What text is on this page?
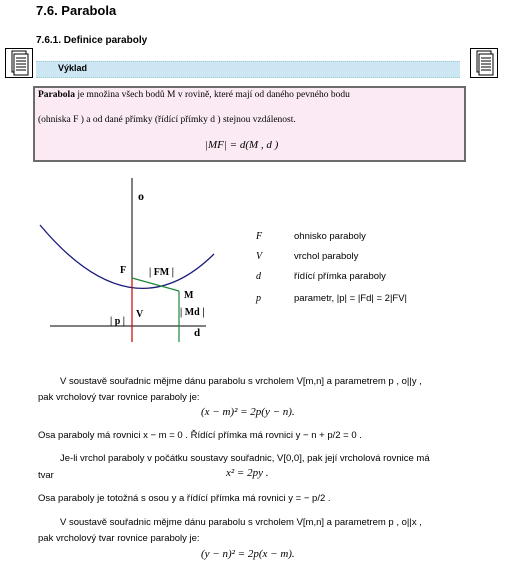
7.6. Parabola
7.6.1. Definice paraboly
Výklad
Parabola je množina všech bodů M v rovině, které mají od daného pevného bodu
(ohniska F ) a od dané přímky (řídící přímky d ) stejnou vzdálenost.
|MF| = d(M , d )
o
F | FM |
M
| p |
V	| Md |
d
F	ohnisko paraboly
V	vrchol paraboly
d	řídící přímka paraboly
p	parametr, |p| = |Fd| = 2|FV|
V soustavě souřadnic mějme dánu parabolu s vrcholem V[m,n] a parametrem p , o||y ,
pak vrcholový tvar rovnice paraboly je:
(x − m)² = 2p(y − n).
Osa paraboly má rovnici x − m = 0 . Řídící přímka má rovnici y − n + p/2 = 0 .
Je-li vrchol paraboly v počátku soustavy souřadnic, V[0,0], pak její vrcholová rovnice má
tvar	x² = 2py .
Osa paraboly je totožná s osou y a řídící přímka má rovnici y = − p/2 .
V soustavě souřadnic mějme dánu parabolu s vrcholem V[m,n] a parametrem p , o||x ,
pak vrcholový tvar rovnice paraboly je:
(y − n)² = 2p(x − m).
